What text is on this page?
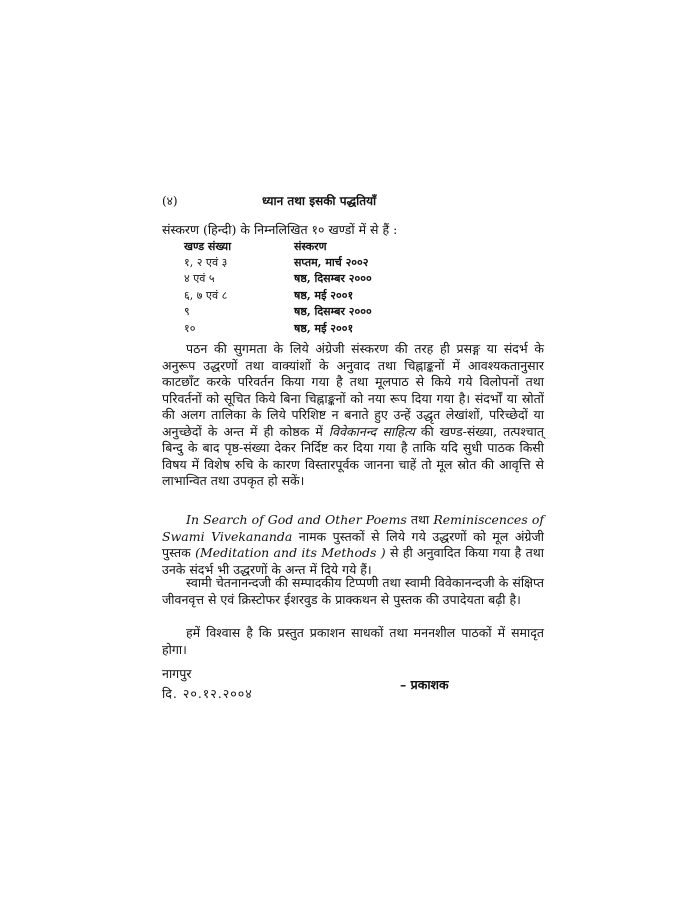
(४)	ध्यान तथा इसकी पद्धतियाँ
संस्करण (हिन्दी) के निम्नलिखित १० खण्डों में से हैं :
खण्ड संख्या	संस्करण
१, २ एवं ३	सप्तम, मार्च २००२
४ एवं ५	षष्ठ, दिसम्बर २०००
६, ७ एवं ८	षष्ठ, मई २००१
९	षष्ठ, दिसम्बर २०००
१०	षष्ठ, मई २००१

पठन की सुगमता के लिये अंग्रेजी संस्करण की तरह ही प्रसङ्ग या संदर्भ के अनुरूप उद्धरणों तथा वाक्यांशों के अनुवाद तथा चिह्नाङ्कनों में आवश्यकतानुसार काटछाँट करके परिवर्तन किया गया है तथा मूलपाठ से किये गये विलोपनों तथा परिवर्तनों को सूचित किये बिना चिह्नाङ्कनों को नया रूप दिया गया है। संदर्भों या स्रोतों की अलग तालिका के लिये परिशिष्ट न बनाते हुए उन्हें उद्धृत लेखांशों, परिच्छेदों या अनुच्छेदों के अन्त में ही कोष्ठक में विवेकानन्द साहित्य की खण्ड-संख्या, तत्पश्चात् बिन्दु के बाद पृष्ठ-संख्या देकर निर्दिष्ट कर दिया गया है ताकि यदि सुधी पाठक किसी विषय में विशेष रुचि के कारण विस्तारपूर्वक जानना चाहें तो मूल स्रोत की आवृत्ति से लाभान्वित तथा उपकृत हो सकें।

In Search of God and Other Poems तथा Reminiscences of Swami Vivekananda नामक पुस्तकों से लिये गये उद्धरणों को मूल अंग्रेजी पुस्तक (Meditation and its Methods ) से ही अनुवादित किया गया है तथा उनके संदर्भ भी उद्धरणों के अन्त में दिये गये हैं।

स्वामी चेतनानन्दजी की सम्पादकीय टिप्पणी तथा स्वामी विवेकानन्दजी के संक्षिप्त जीवनवृत्त से एवं क्रिस्टोफर ईशरवुड के प्राक्कथन से पुस्तक की उपादेयता बढ़ी है।

हमें विश्वास है कि प्रस्तुत प्रकाशन साधकों तथा मननशील पाठकों में समादृत होगा।

नागपुर
दि. २०.१२.२००४
– प्रकाशक
